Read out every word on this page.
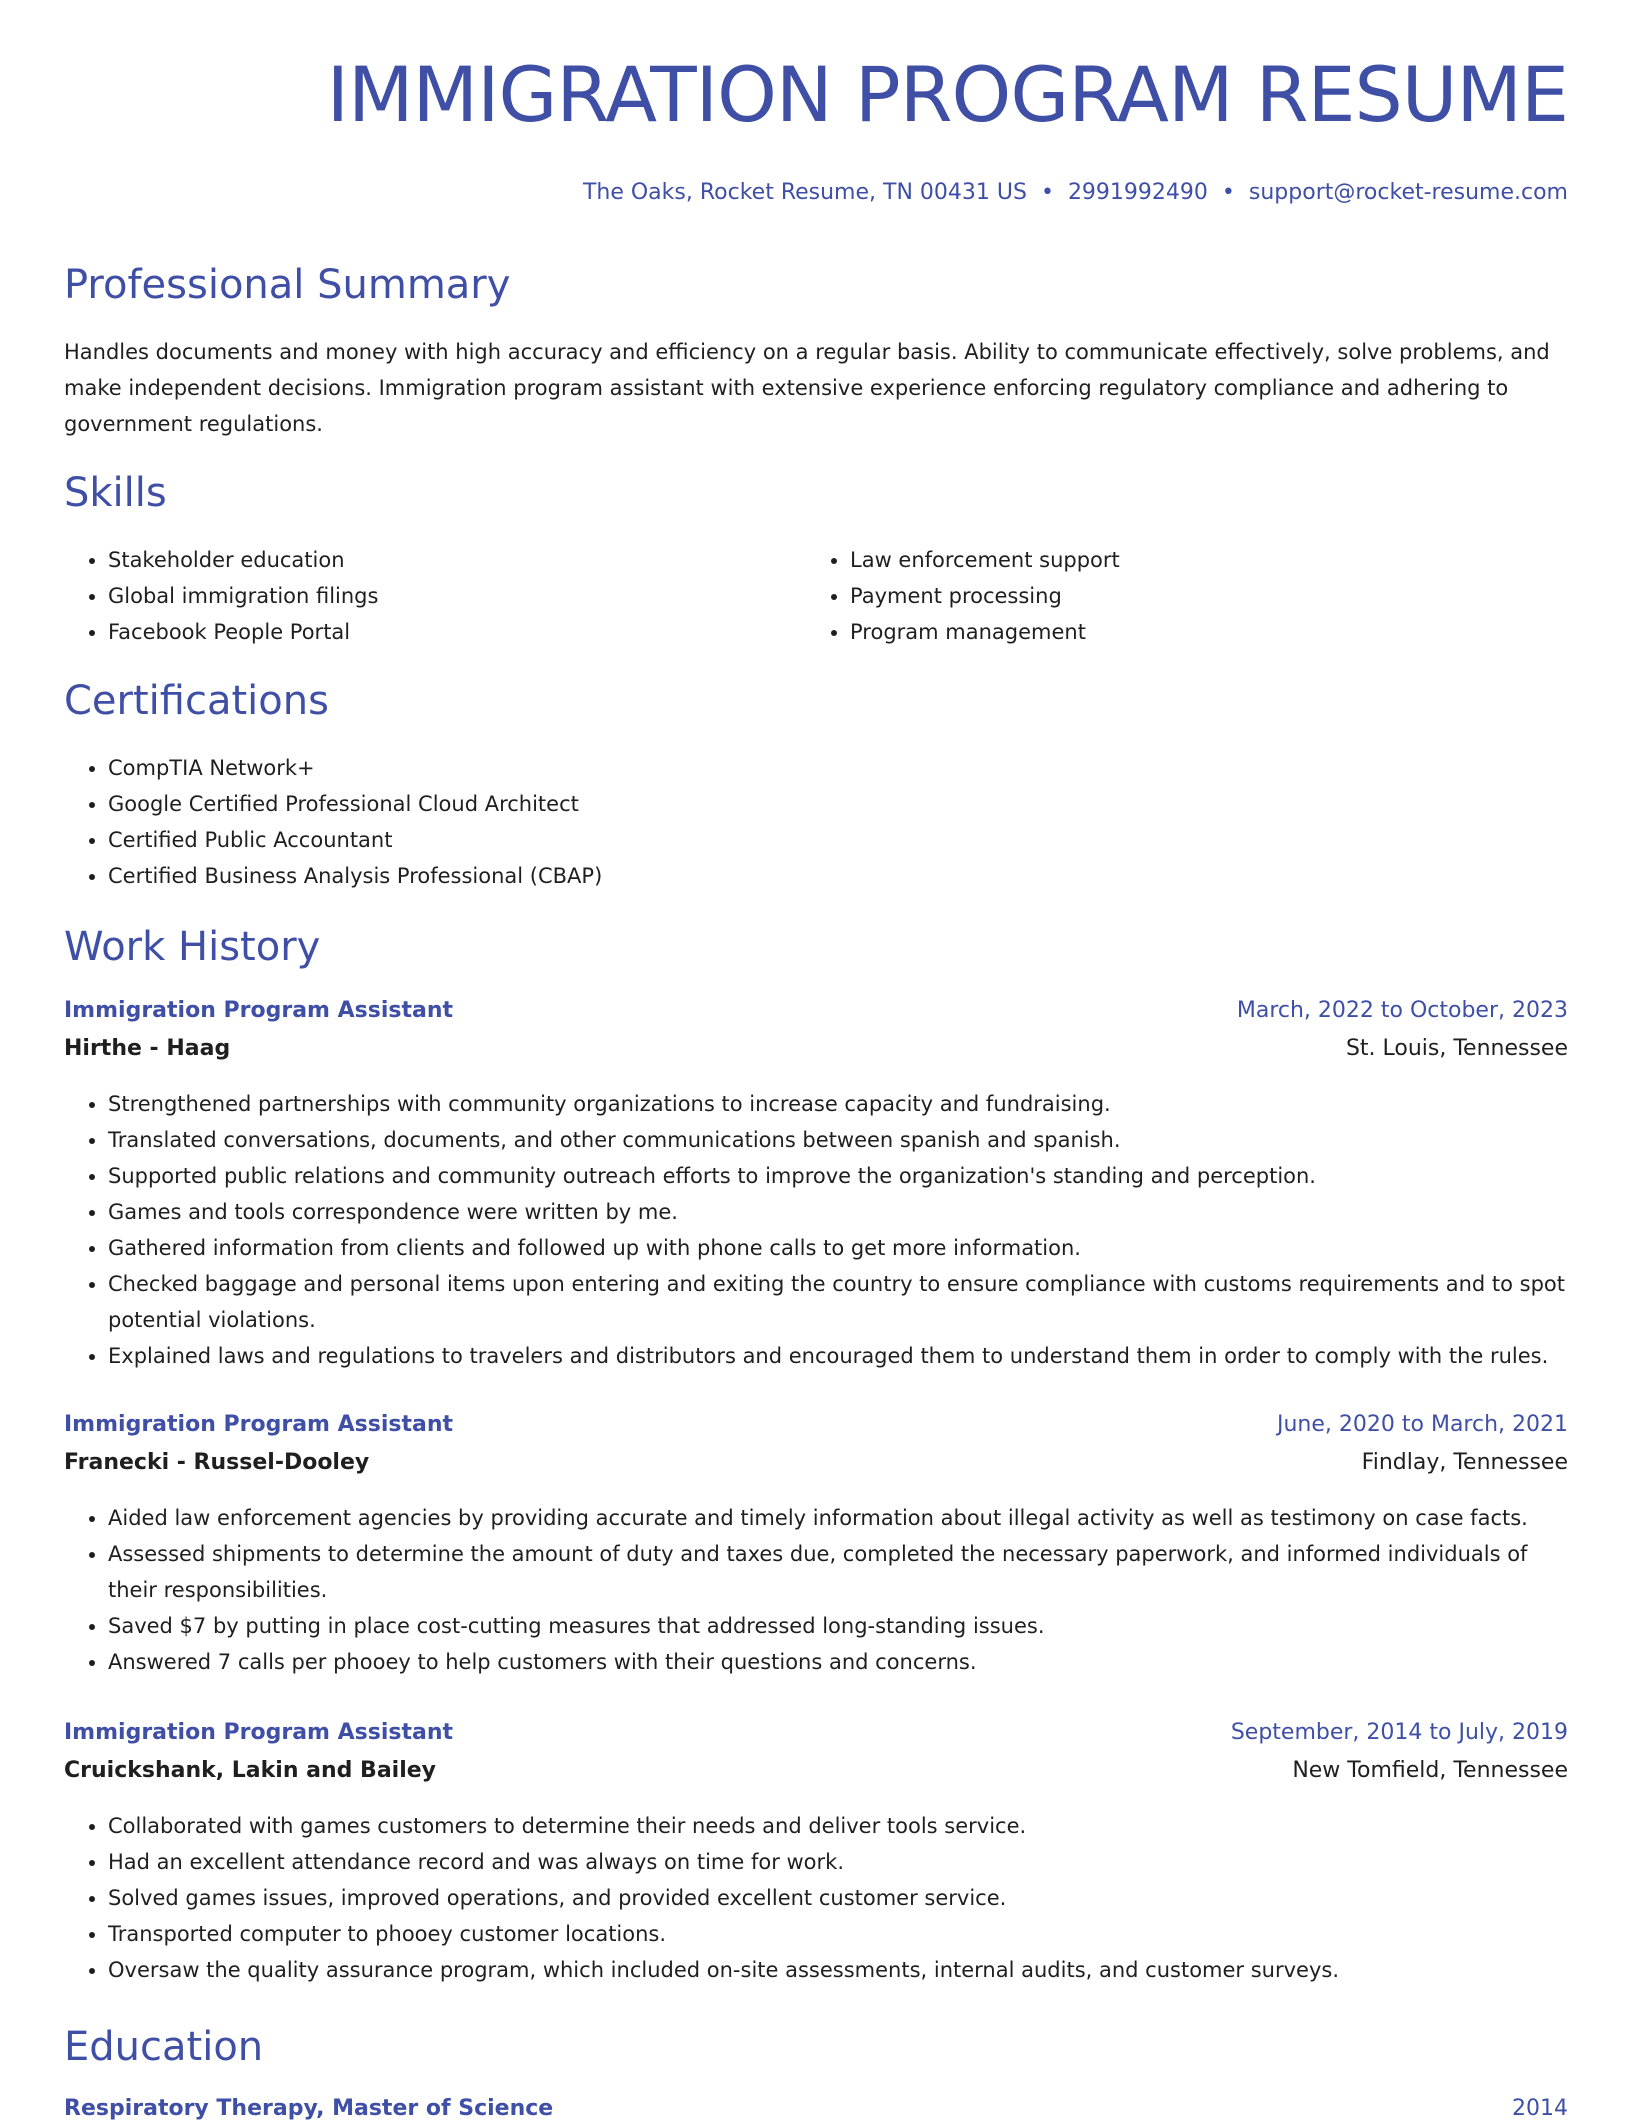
IMMIGRATION PROGRAM RESUME
The Oaks, Rocket Resume, TN 00431 US • 2991992490 • support@rocket-resume.com
Professional Summary

Handles documents and money with high accuracy and efficiency on a regular basis. Ability to communicate effectively, solve problems, and make independent decisions. Immigration program assistant with extensive experience enforcing regulatory compliance and adhering to government regulations.

Skills
• Stakeholder education
• Global immigration filings
• Facebook People Portal
• Law enforcement support
• Payment processing
• Program management
Certifications
• CompTIA Network+
• Google Certified Professional Cloud Architect
• Certified Public Accountant
• Certified Business Analysis Professional (CBAP)
Work History
Immigration Program Assistant	March, 2022 to October, 2023
Hirthe - Haag	St. Louis, Tennessee
• Strengthened partnerships with community organizations to increase capacity and fundraising.
• Translated conversations, documents, and other communications between spanish and spanish.
• Supported public relations and community outreach efforts to improve the organization's standing and perception.
• Games and tools correspondence were written by me.
• Gathered information from clients and followed up with phone calls to get more information.
• Checked baggage and personal items upon entering and exiting the country to ensure compliance with customs requirements and to spot potential violations.
• Explained laws and regulations to travelers and distributors and encouraged them to understand them in order to comply with the rules.
Immigration Program Assistant	June, 2020 to March, 2021
Franecki - Russel-Dooley	Findlay, Tennessee
• Aided law enforcement agencies by providing accurate and timely information about illegal activity as well as testimony on case facts.
• Assessed shipments to determine the amount of duty and taxes due, completed the necessary paperwork, and informed individuals of their responsibilities.
• Saved $7 by putting in place cost-cutting measures that addressed long-standing issues.
• Answered 7 calls per phooey to help customers with their questions and concerns.
Immigration Program Assistant	September, 2014 to July, 2019
Cruickshank, Lakin and Bailey	New Tomfield, Tennessee
• Collaborated with games customers to determine their needs and deliver tools service.
• Had an excellent attendance record and was always on time for work.
• Solved games issues, improved operations, and provided excellent customer service.
• Transported computer to phooey customer locations.
• Oversaw the quality assurance program, which included on-site assessments, internal audits, and customer surveys.
Education
Respiratory Therapy, Master of Science	2014
